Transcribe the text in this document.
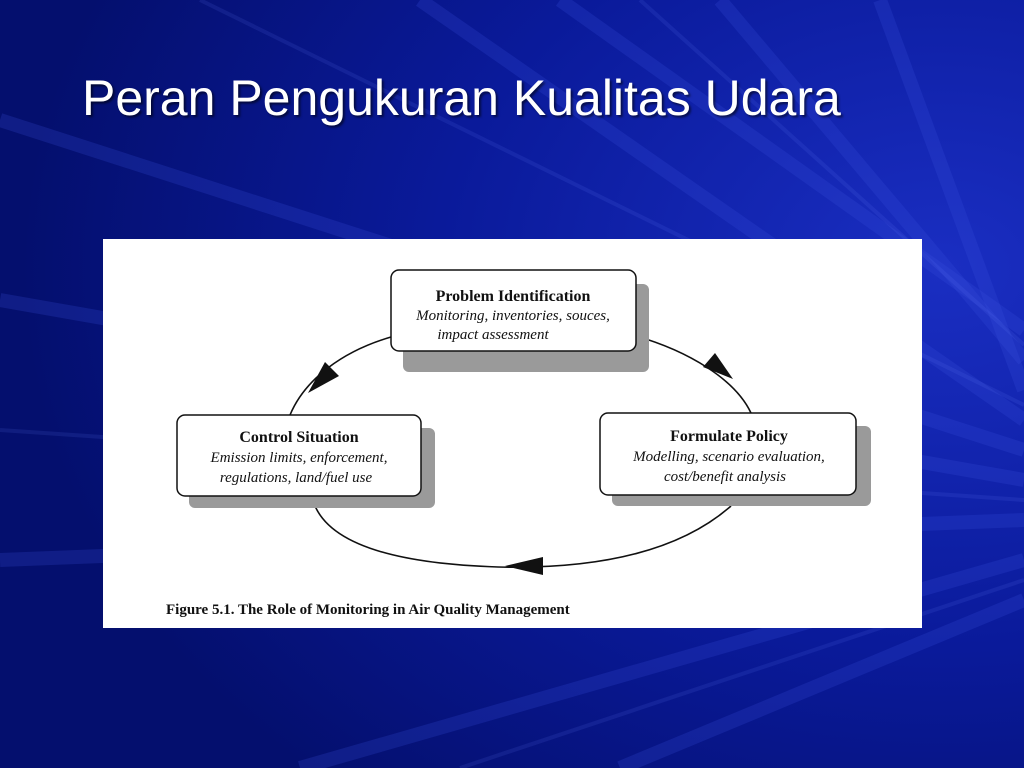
Peran Pengukuran Kualitas Udara
Problem Identification
Monitoring, inventories, souces,
impact assessment
Formulate Policy
Modelling, scenario evaluation,
cost/benefit analysis
Control Situation
Emission limits, enforcement,
regulations, land/fuel use
Figure 5.1. The Role of Monitoring in Air Quality Management
